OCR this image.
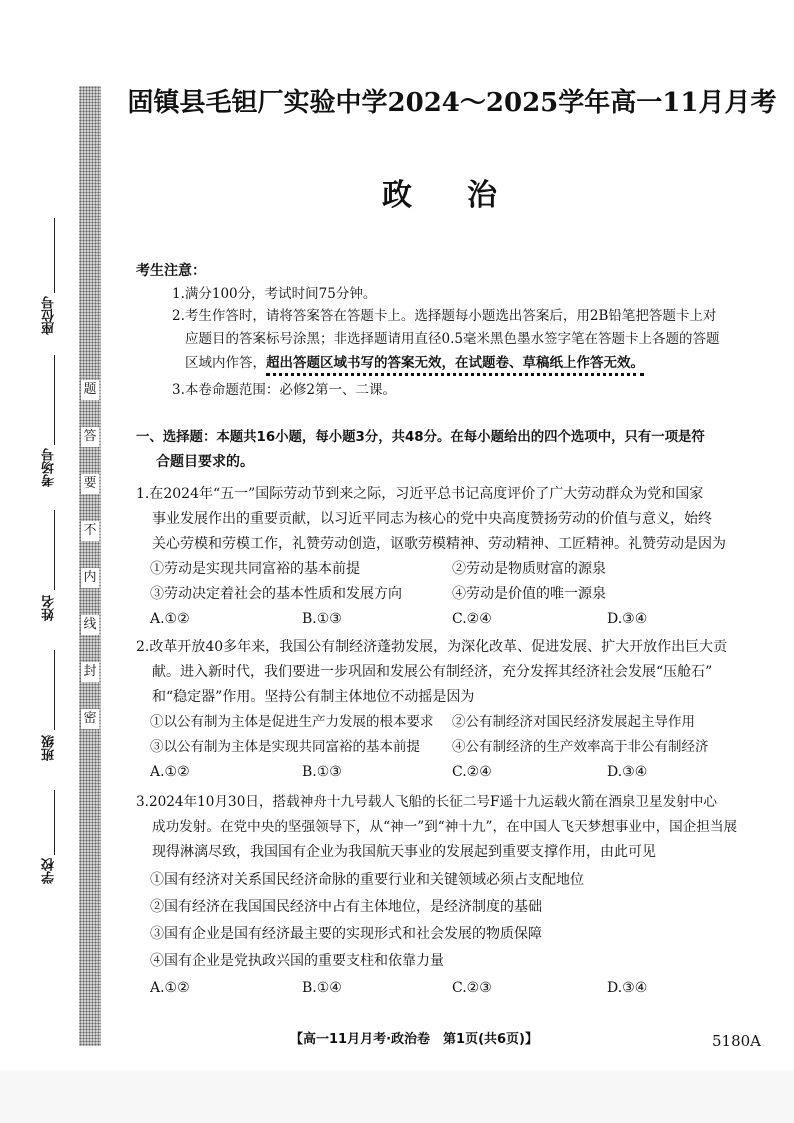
题
答
要
不
内
线
封
密
座位号
考场号
姓名
班级
学校
固镇县毛钽厂实验中学2024～2025学年高一11月月考
政治
考生注意：
1.满分100分，考试时间75分钟。
2.考生作答时，请将答案答在答题卡上。选择题每小题选出答案后，用2B铅笔把答题卡上对
应题目的答案标号涂黑；非选择题请用直径0.5毫米黑色墨水签字笔在答题卡上各题的答题
区域内作答，超出答题区域书写的答案无效，在试题卷、草稿纸上作答无效。
3.本卷命题范围：必修2第一、二课。
一、选择题：本题共16小题，每小题3分，共48分。在每小题给出的四个选项中，只有一项是符
合题目要求的。
1.在2024年“五一”国际劳动节到来之际，习近平总书记高度评价了广大劳动群众为党和国家
事业发展作出的重要贡献，以习近平同志为核心的党中央高度赞扬劳动的价值与意义，始终
关心劳模和劳模工作，礼赞劳动创造，讴歌劳模精神、劳动精神、工匠精神。礼赞劳动是因为
①劳动是实现共同富裕的基本前提	②劳动是物质财富的源泉
③劳动决定着社会的基本性质和发展方向	④劳动是价值的唯一源泉
A.①②	B.①③	C.②④	D.③④
2.改革开放40多年来，我国公有制经济蓬勃发展，为深化改革、促进发展、扩大开放作出巨大贡
献。进入新时代，我们要进一步巩固和发展公有制经济，充分发挥其经济社会发展“压舱石”
和“稳定器”作用。坚持公有制主体地位不动摇是因为
①以公有制为主体是促进生产力发展的根本要求 ②公有制经济对国民经济发展起主导作用
③以公有制为主体是实现共同富裕的基本前提 ④公有制经济的生产效率高于非公有制经济
A.①②	B.①③	C.②④	D.③④
3.2024年10月30日，搭载神舟十九号载人飞船的长征二号F遥十九运载火箭在酒泉卫星发射中心
成功发射。在党中央的坚强领导下，从“神一”到“神十九”，在中国人飞天梦想事业中，国企担当展
现得淋漓尽致，我国国有企业为我国航天事业的发展起到重要支撑作用，由此可见
①国有经济对关系国民经济命脉的重要行业和关键领域必须占支配地位
②国有经济在我国国民经济中占有主体地位，是经济制度的基础
③国有企业是国有经济最主要的实现形式和社会发展的物质保障
④国有企业是党执政兴国的重要支柱和依靠力量
A.①②	B.①④	C.②③	D.③④
【高一11月月考·政治卷　第1页(共6页)】	5180A
